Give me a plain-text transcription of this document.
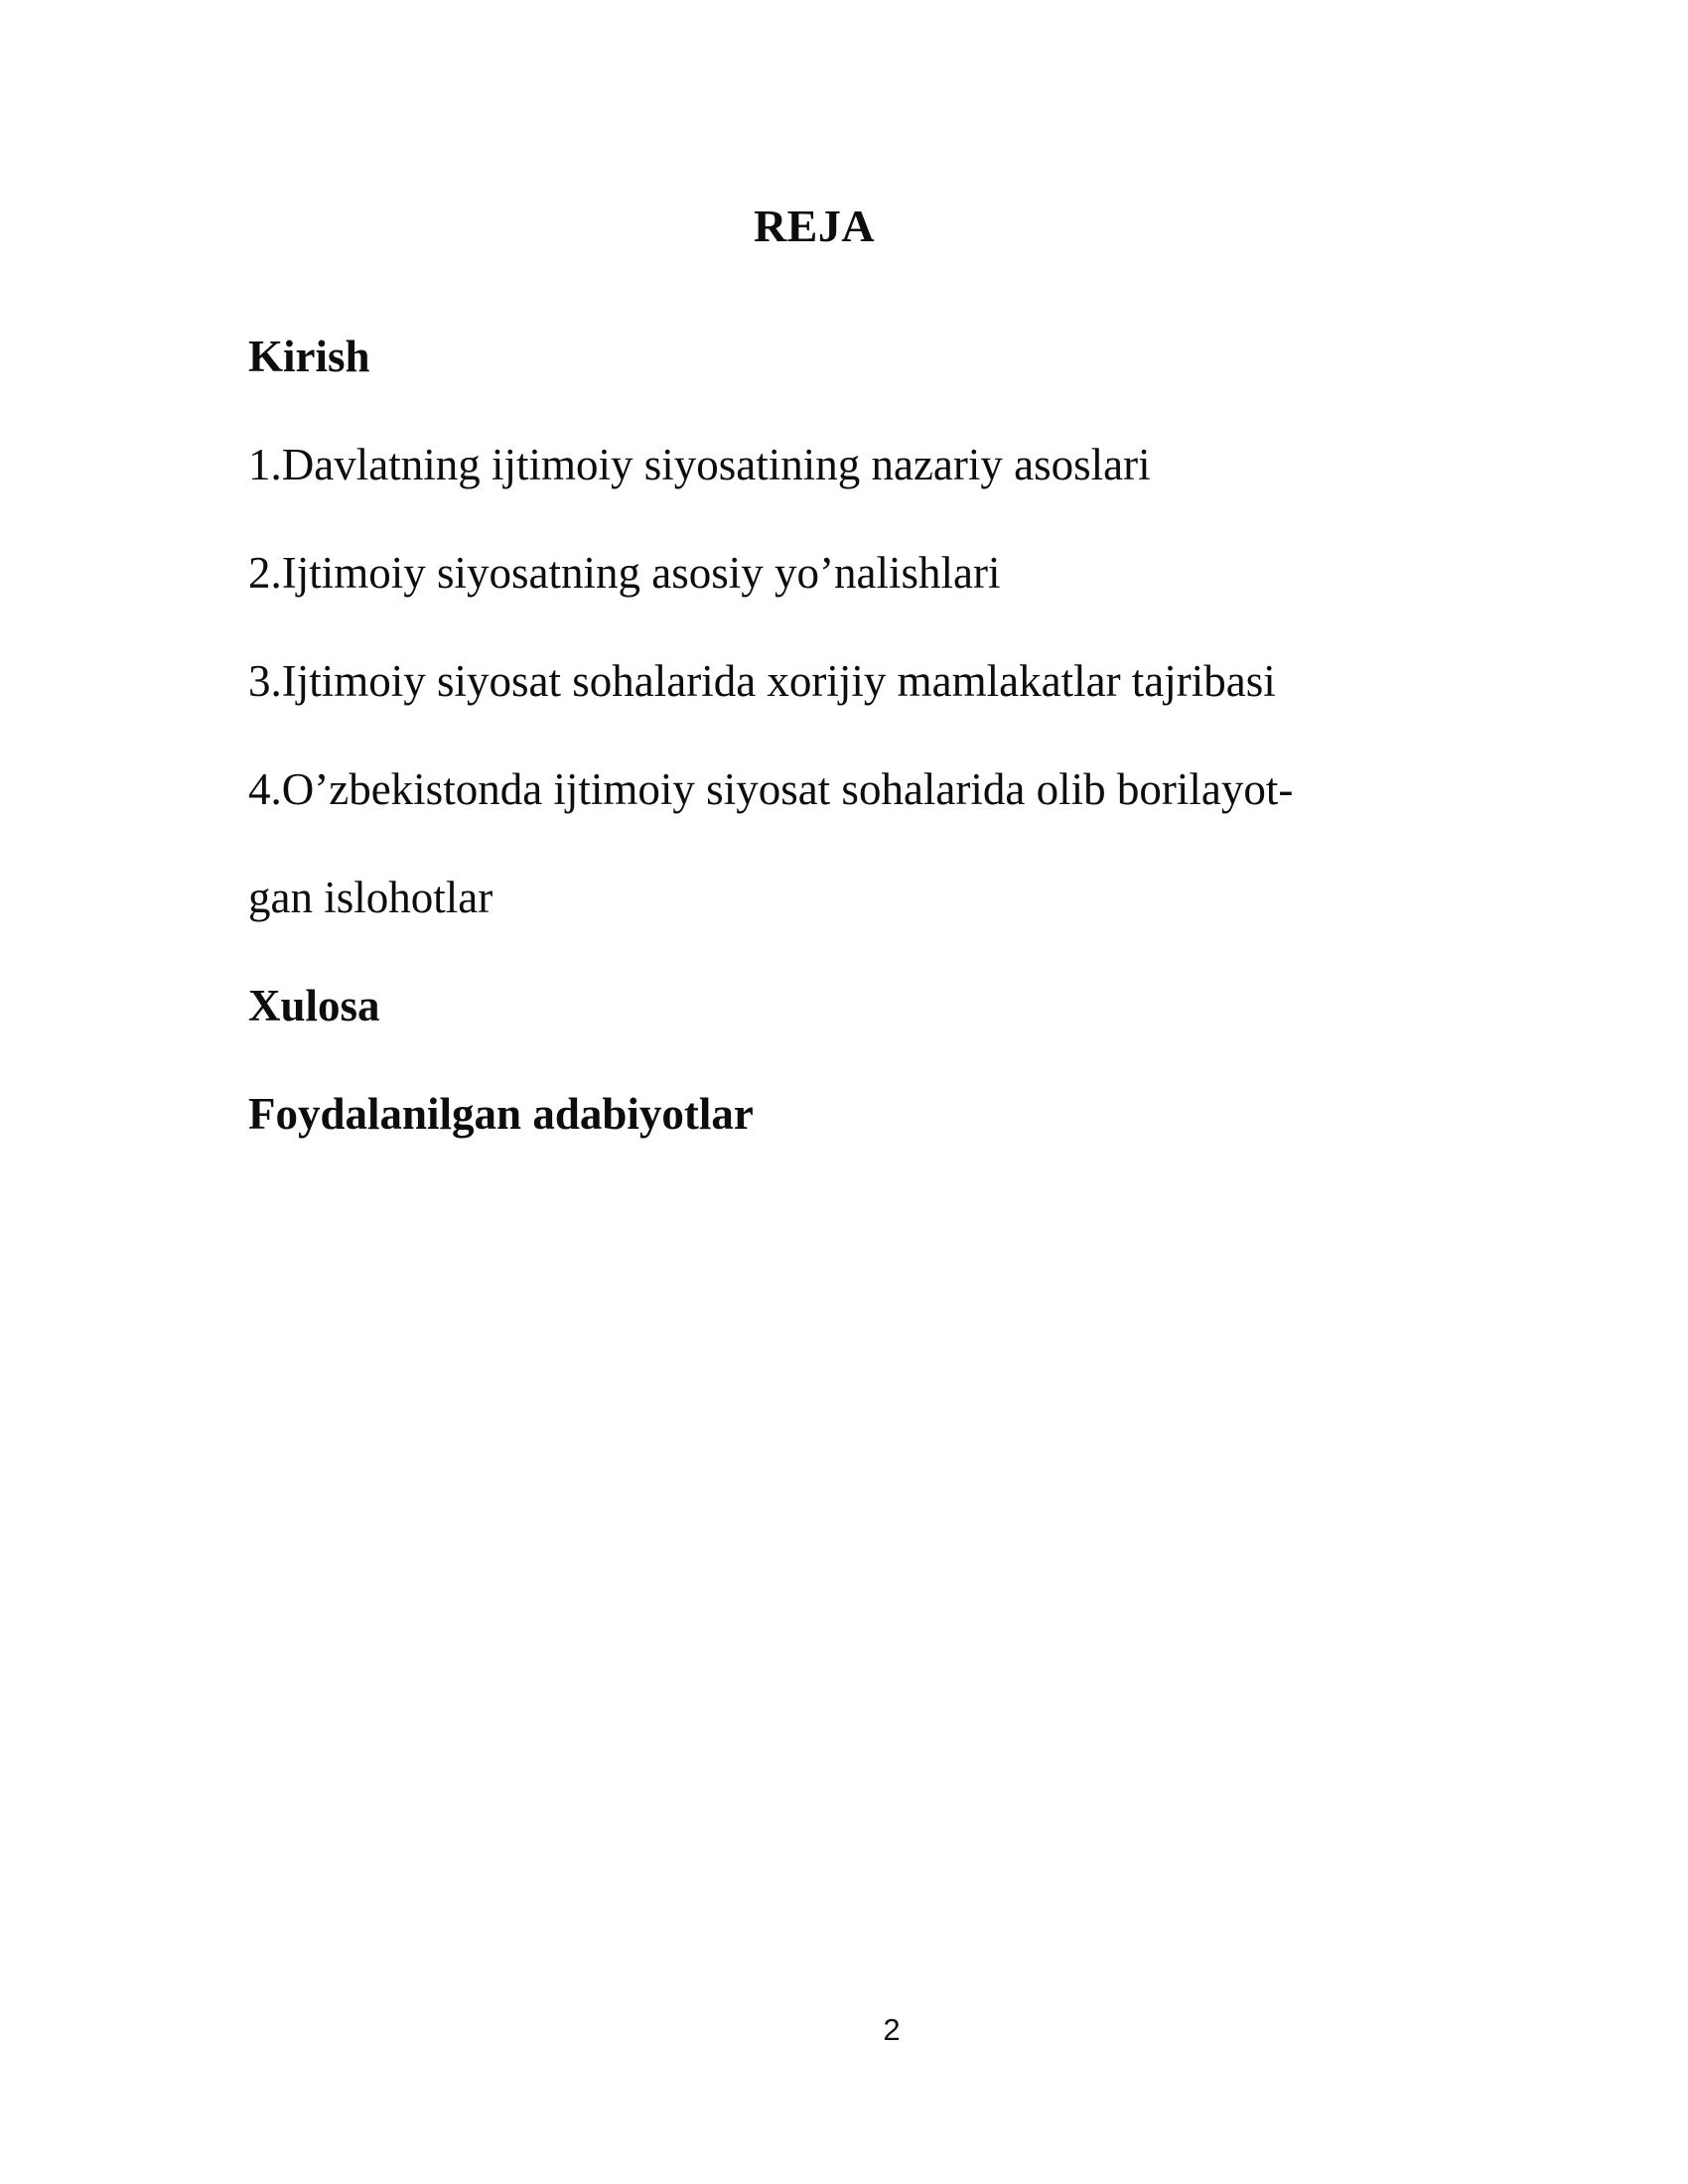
REJA
Kirish
1.Davlatning ijtimoiy siyosatining nazariy asoslari
2.Ijtimoiy siyosatning asosiy yo’nalishlari
3.Ijtimoiy siyosat sohalarida xorijiy mamlakatlar tajribasi
4.O’zbekistonda ijtimoiy siyosat sohalarida olib borilayot-
gan islohotlar
Xulosa
Foydalanilgan adabiyotlar
2
